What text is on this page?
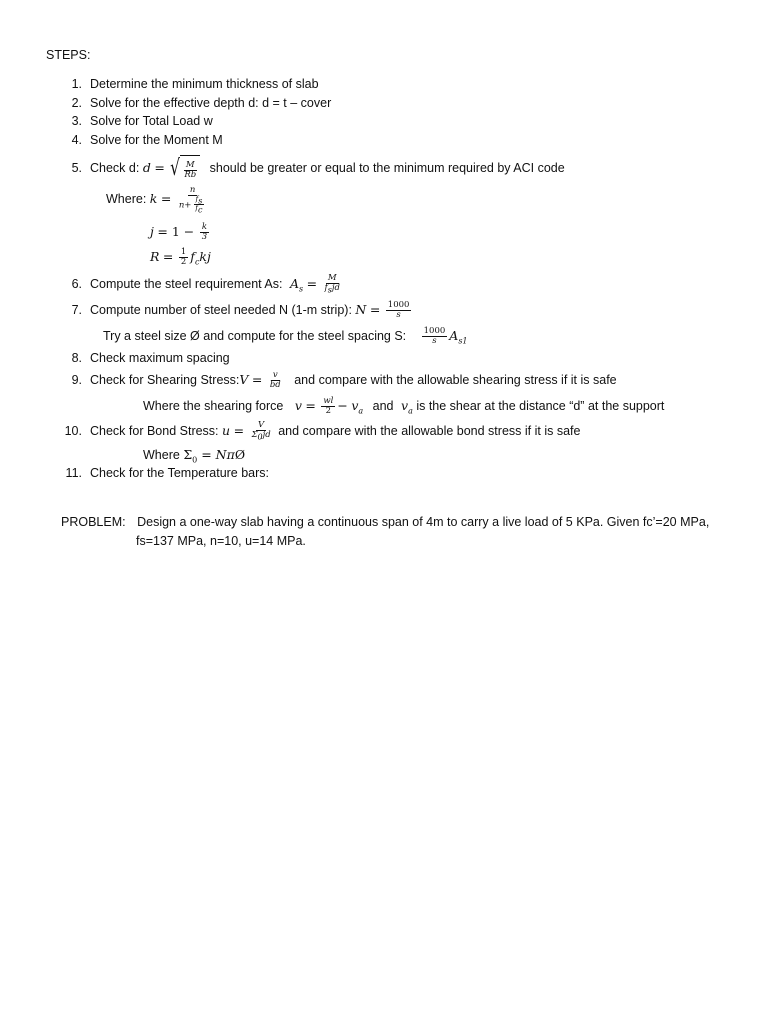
STEPS:
1. Determine the minimum thickness of slab
2. Solve for the effective depth d: d = t – cover
3. Solve for Total Load w
4. Solve for the Moment M
5. Check d: d = √ $\frac{M}{Rb}$ should be greater or equal to the minimum required by ACI code
Where: $k = \frac{n}{n+ \frac{f_s}{f_c}}$
$j = 1 - \frac{k}{3}$
$R = \frac{1}{2} f_ckj$
6. Compute the steel requirement As: $A_s = \frac{M}{f_sjd}$
7. Compute number of steel needed N (1-m strip): $N = \frac{1000}{s}$
Try a steel size Ø and compute for the steel spacing S: $\frac{1000}{s} A_{s1}$
8. Check maximum spacing
9. Check for Shearing Stress:V = $\frac{v}{bd}$ and compare with the allowable shearing stress if it is safe
Where the shearing force $v = \frac{wl}{2} - v_a$ and $v_a$ is the shear at the distance “d” at the support
10. Check for Bond Stress: $u = \frac{V}{\Sigma_0jd}$ and compare with the allowable bond stress if it is safe
Where $\Sigma_0$ = NπØ
11. Check for the Temperature bars:
PROBLEM: Design a one-way slab having a continuous span of 4m to carry a live load of 5 KPa. Given fc’=20 MPa,
fs=137 MPa, n=10, u=14 MPa.
